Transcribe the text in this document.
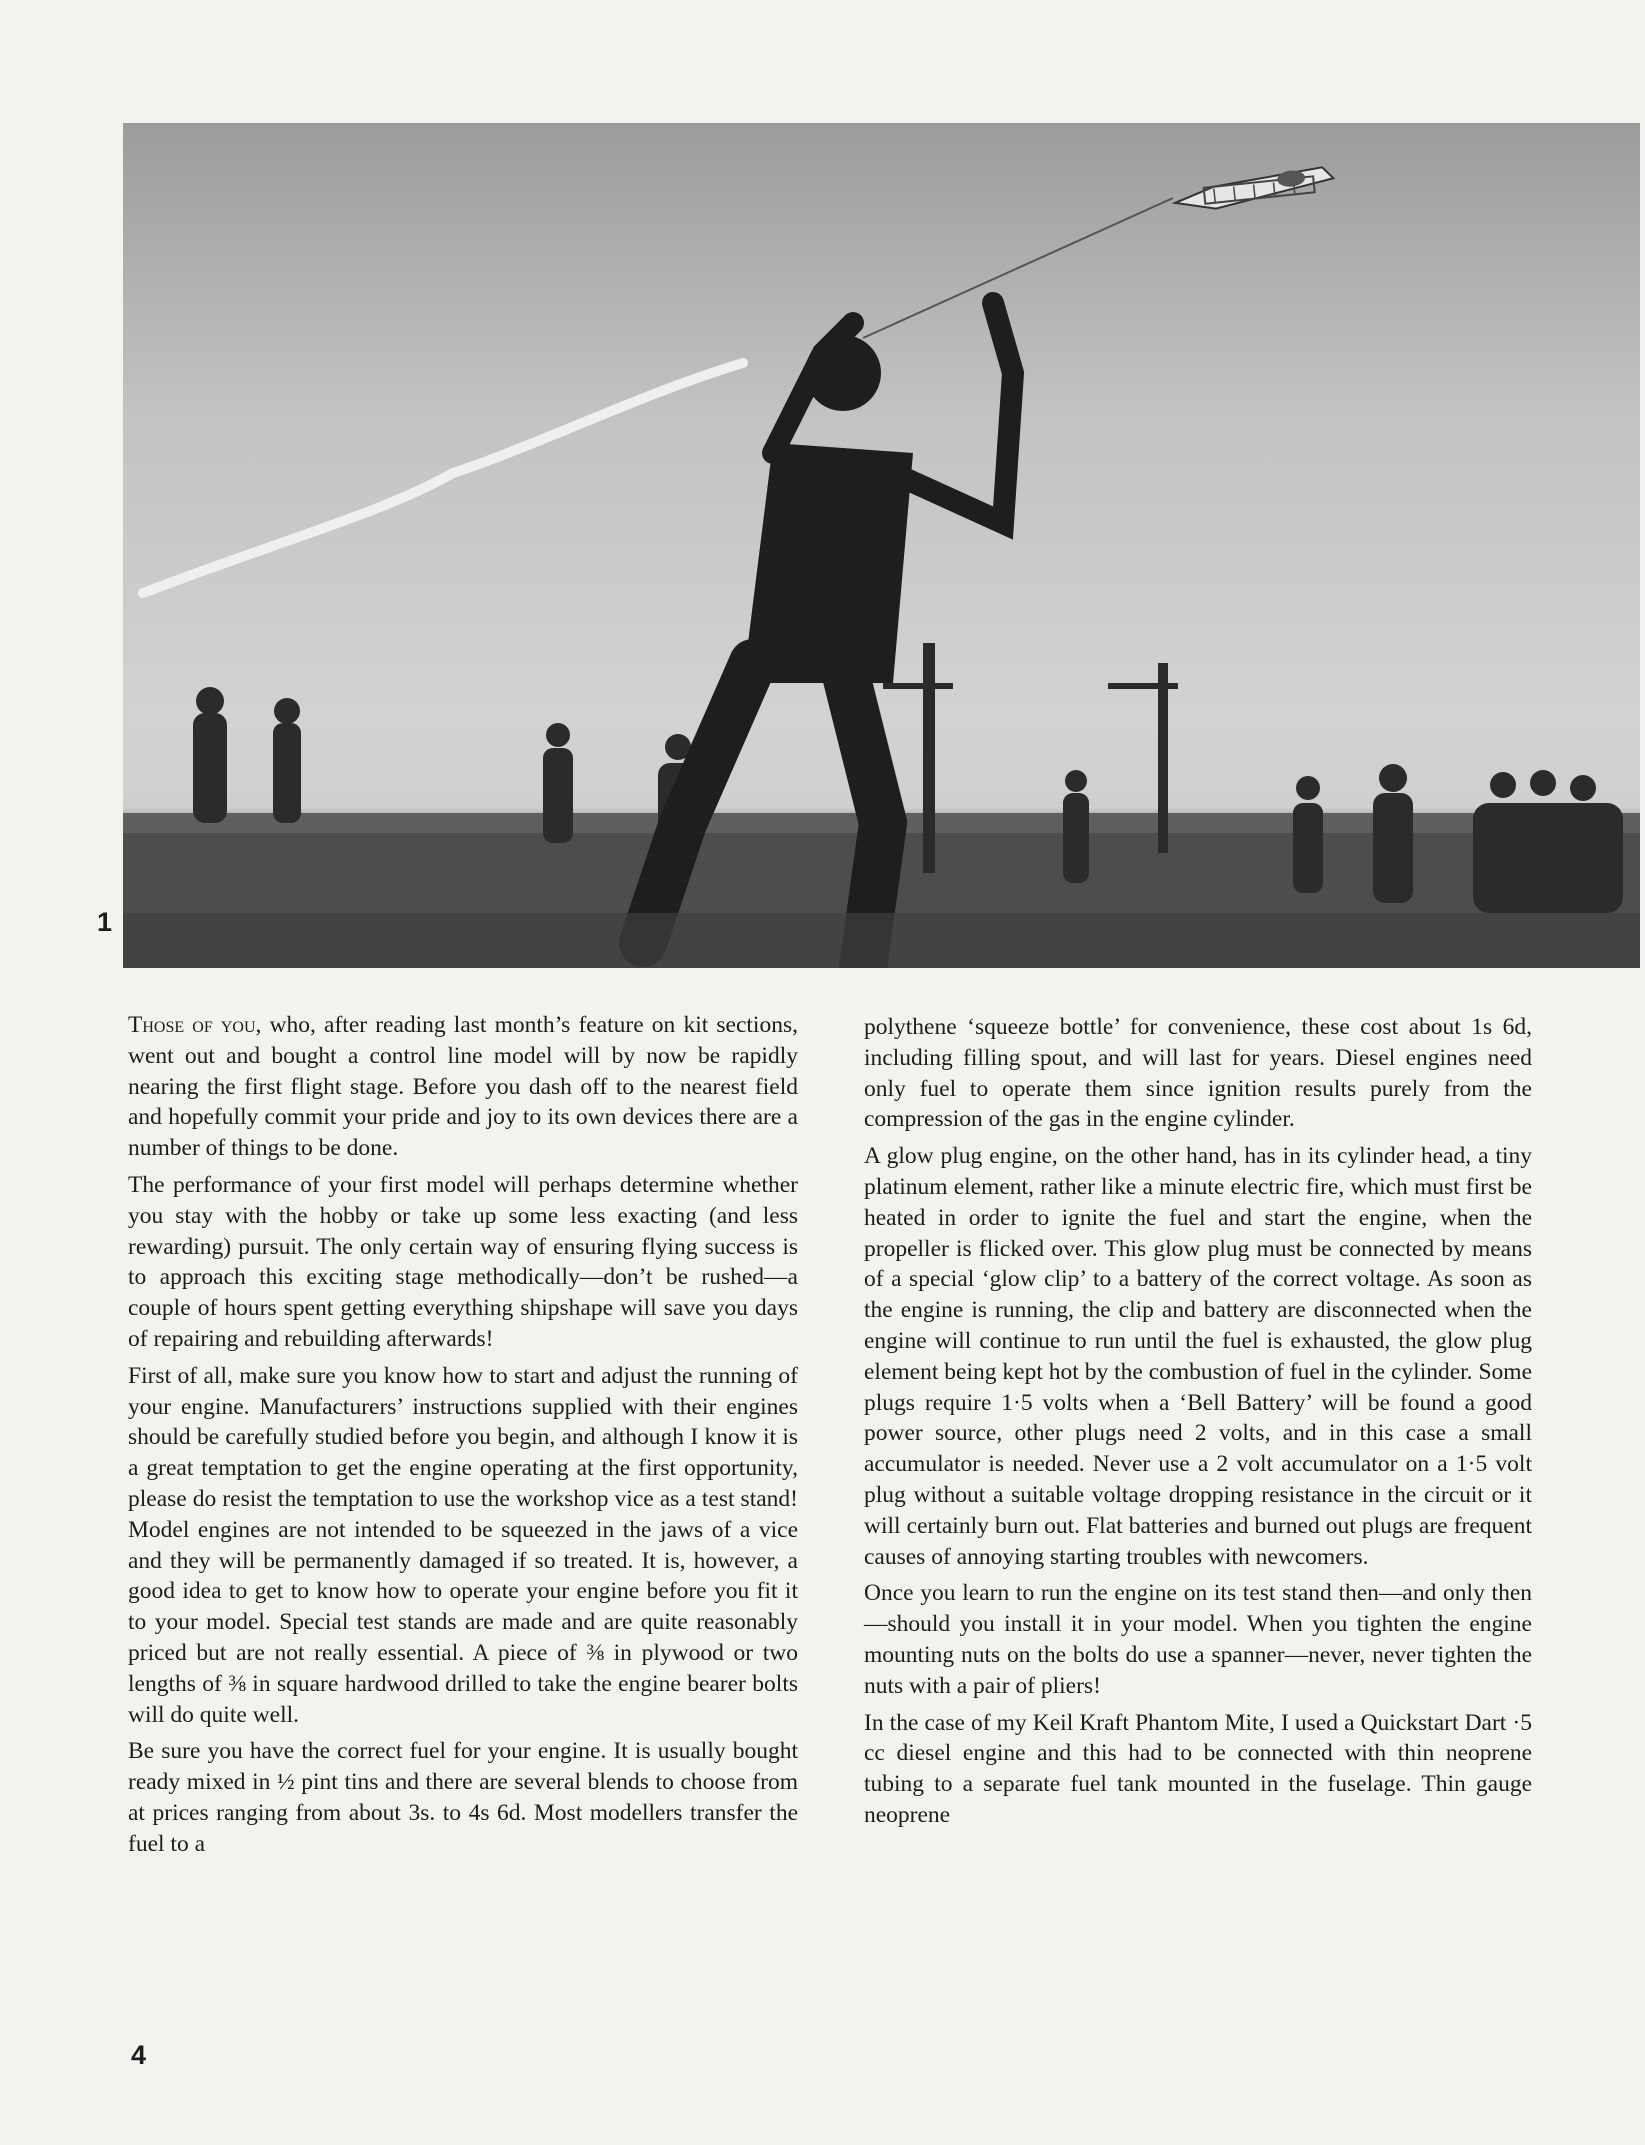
1

Those of you, who, after reading last month’s feature on kit sections, went out and bought a control line model will by now be rapidly nearing the first flight stage. Before you dash off to the nearest field and hopefully commit your pride and joy to its own devices there are a number of things to be done.

The performance of your first model will perhaps determine whether you stay with the hobby or take up some less exacting (and less rewarding) pursuit. The only certain way of ensuring flying success is to approach this exciting stage methodically—don’t be rushed—a couple of hours spent getting everything shipshape will save you days of repairing and rebuilding afterwards!

First of all, make sure you know how to start and adjust the running of your engine. Manufacturers’ instructions supplied with their engines should be carefully studied before you begin, and although I know it is a great temptation to get the engine operating at the first opportunity, please do resist the temptation to use the workshop vice as a test stand! Model engines are not intended to be squeezed in the jaws of a vice and they will be permanently damaged if so treated. It is, however, a good idea to get to know how to operate your engine before you fit it to your model. Special test stands are made and are quite reasonably priced but are not really essential. A piece of ⅜ in plywood or two lengths of ⅜ in square hardwood drilled to take the engine bearer bolts will do quite well.

Be sure you have the correct fuel for your engine. It is usually bought ready mixed in ½ pint tins and there are several blends to choose from at prices ranging from about 3s. to 4s 6d. Most modellers transfer the fuel to a

polythene ‘squeeze bottle’ for convenience, these cost about 1s 6d, including filling spout, and will last for years. Diesel engines need only fuel to operate them since ignition results purely from the compression of the gas in the engine cylinder.

A glow plug engine, on the other hand, has in its cylinder head, a tiny platinum element, rather like a minute electric fire, which must first be heated in order to ignite the fuel and start the engine, when the propeller is flicked over. This glow plug must be connected by means of a special ‘glow clip’ to a battery of the correct voltage. As soon as the engine is running, the clip and battery are disconnected when the engine will continue to run until the fuel is exhausted, the glow plug element being kept hot by the combustion of fuel in the cylinder. Some plugs require 1·5 volts when a ‘Bell Battery’ will be found a good power source, other plugs need 2 volts, and in this case a small accumulator is needed. Never use a 2 volt accumulator on a 1·5 volt plug without a suitable voltage dropping resistance in the circuit or it will certainly burn out. Flat batteries and burned out plugs are frequent causes of annoying starting troubles with newcomers.

Once you learn to run the engine on its test stand then—and only then—should you install it in your model. When you tighten the engine mounting nuts on the bolts do use a spanner—never, never tighten the nuts with a pair of pliers!

In the case of my Keil Kraft Phantom Mite, I used a Quickstart Dart ·5 cc diesel engine and this had to be connected with thin neoprene tubing to a separate fuel tank mounted in the fuselage. Thin gauge neoprene

4
